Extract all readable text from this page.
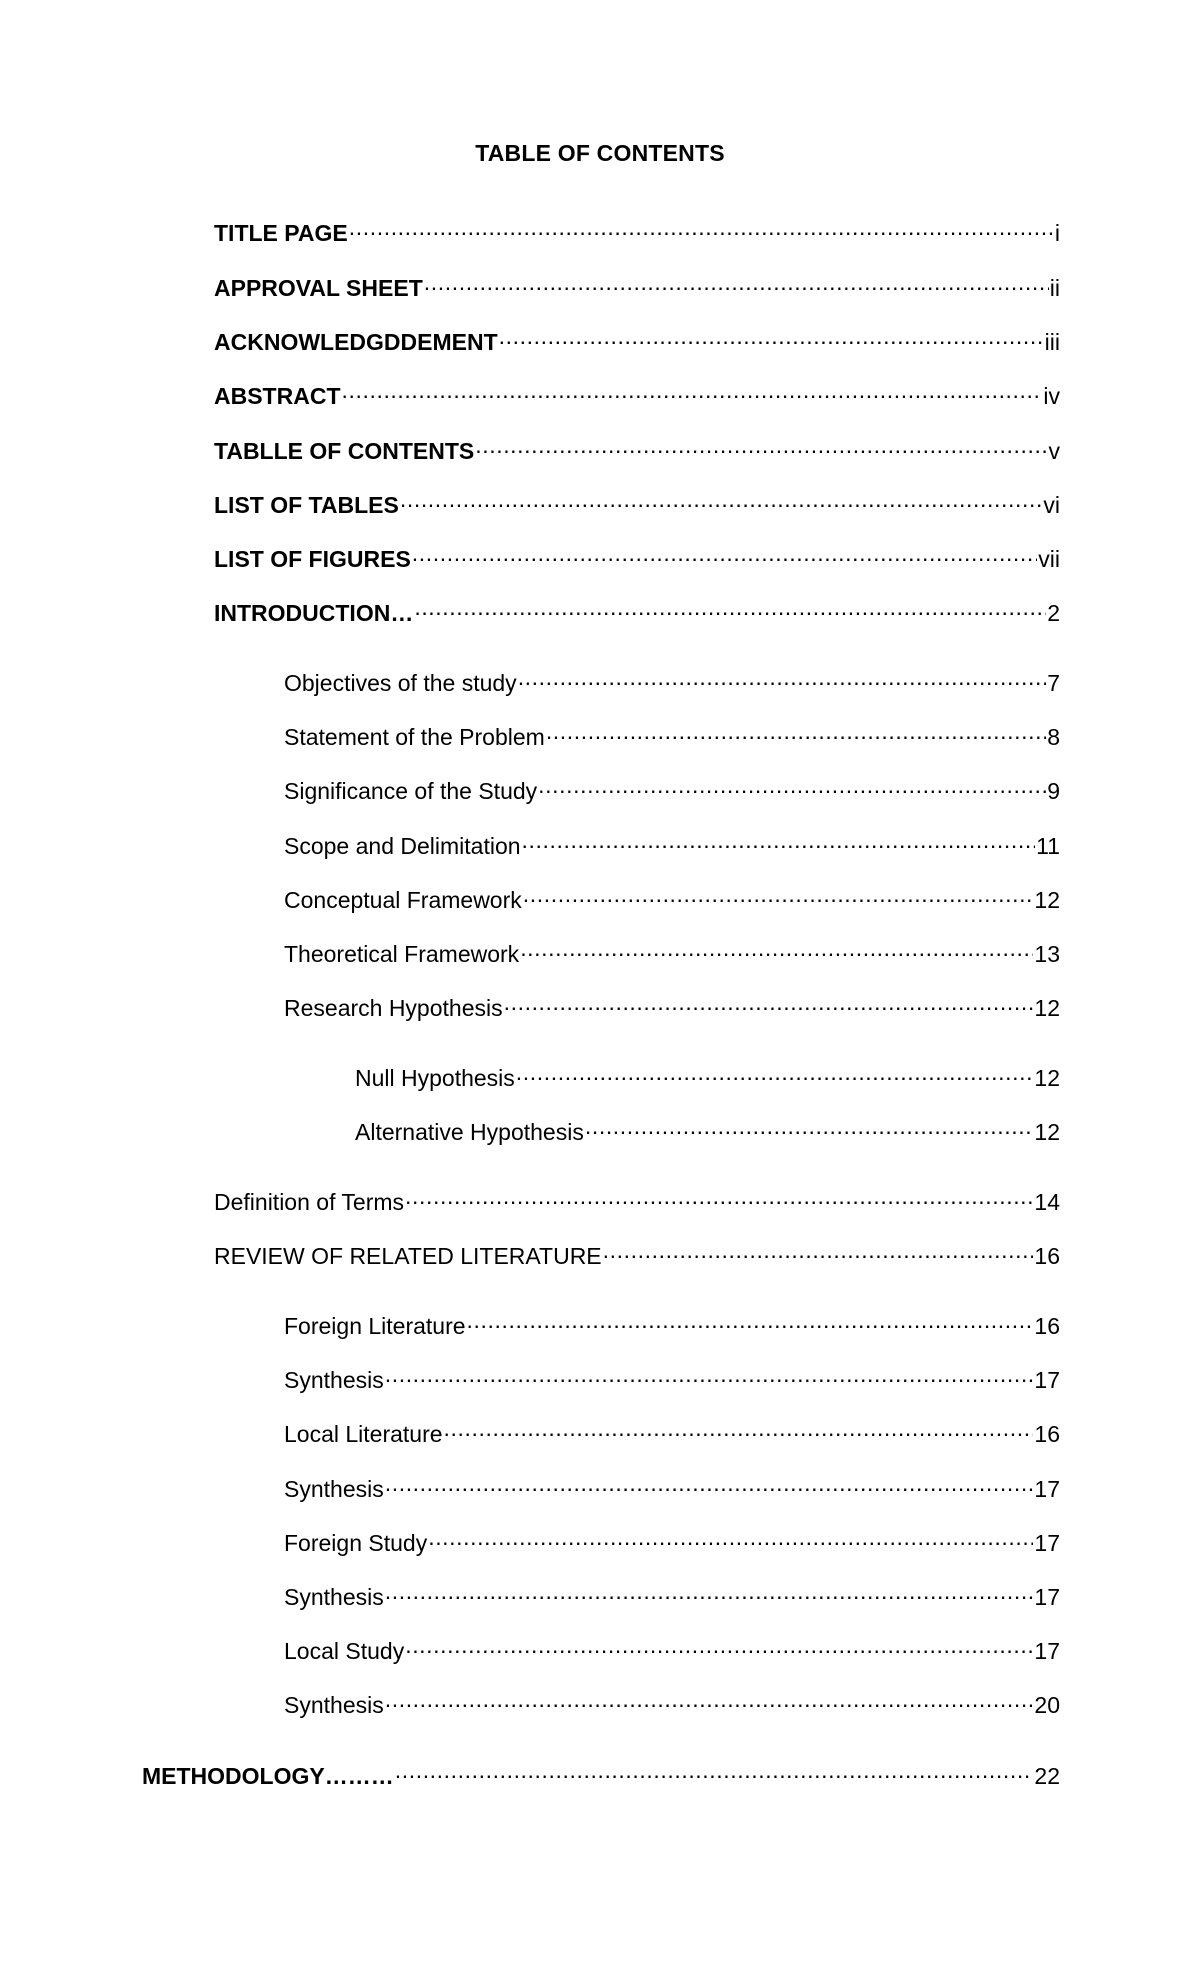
TABLE OF CONTENTS
TITLE PAGE .....	i
APPROVAL SHEET .....	ii
ACKNOWLEDGDDEMENT .....	iii
ABSTRACT .....	iv
TABLLE OF CONTENTS .....	v
LIST OF TABLES .....	vi
LIST OF FIGURES .....	vii
INTRODUCTION… .....	2
Objectives of the study .....	7
Statement of the Problem .....	8
Significance of the Study .....	9
Scope and Delimitation .....	11
Conceptual Framework .....	12
Theoretical Framework .....	13
Research Hypothesis .....	12
Null Hypothesis .....	12
Alternative Hypothesis .....	12
Definition of Terms .....	14
REVIEW OF RELATED LITERATURE .....	16
Foreign Literature .....	16
Synthesis .....	17
Local Literature .....	16
Synthesis .....	17
Foreign Study .....	17
Synthesis .....	17
Local Study .....	17
Synthesis .....	20
METHODOLOGY……… .....	22
